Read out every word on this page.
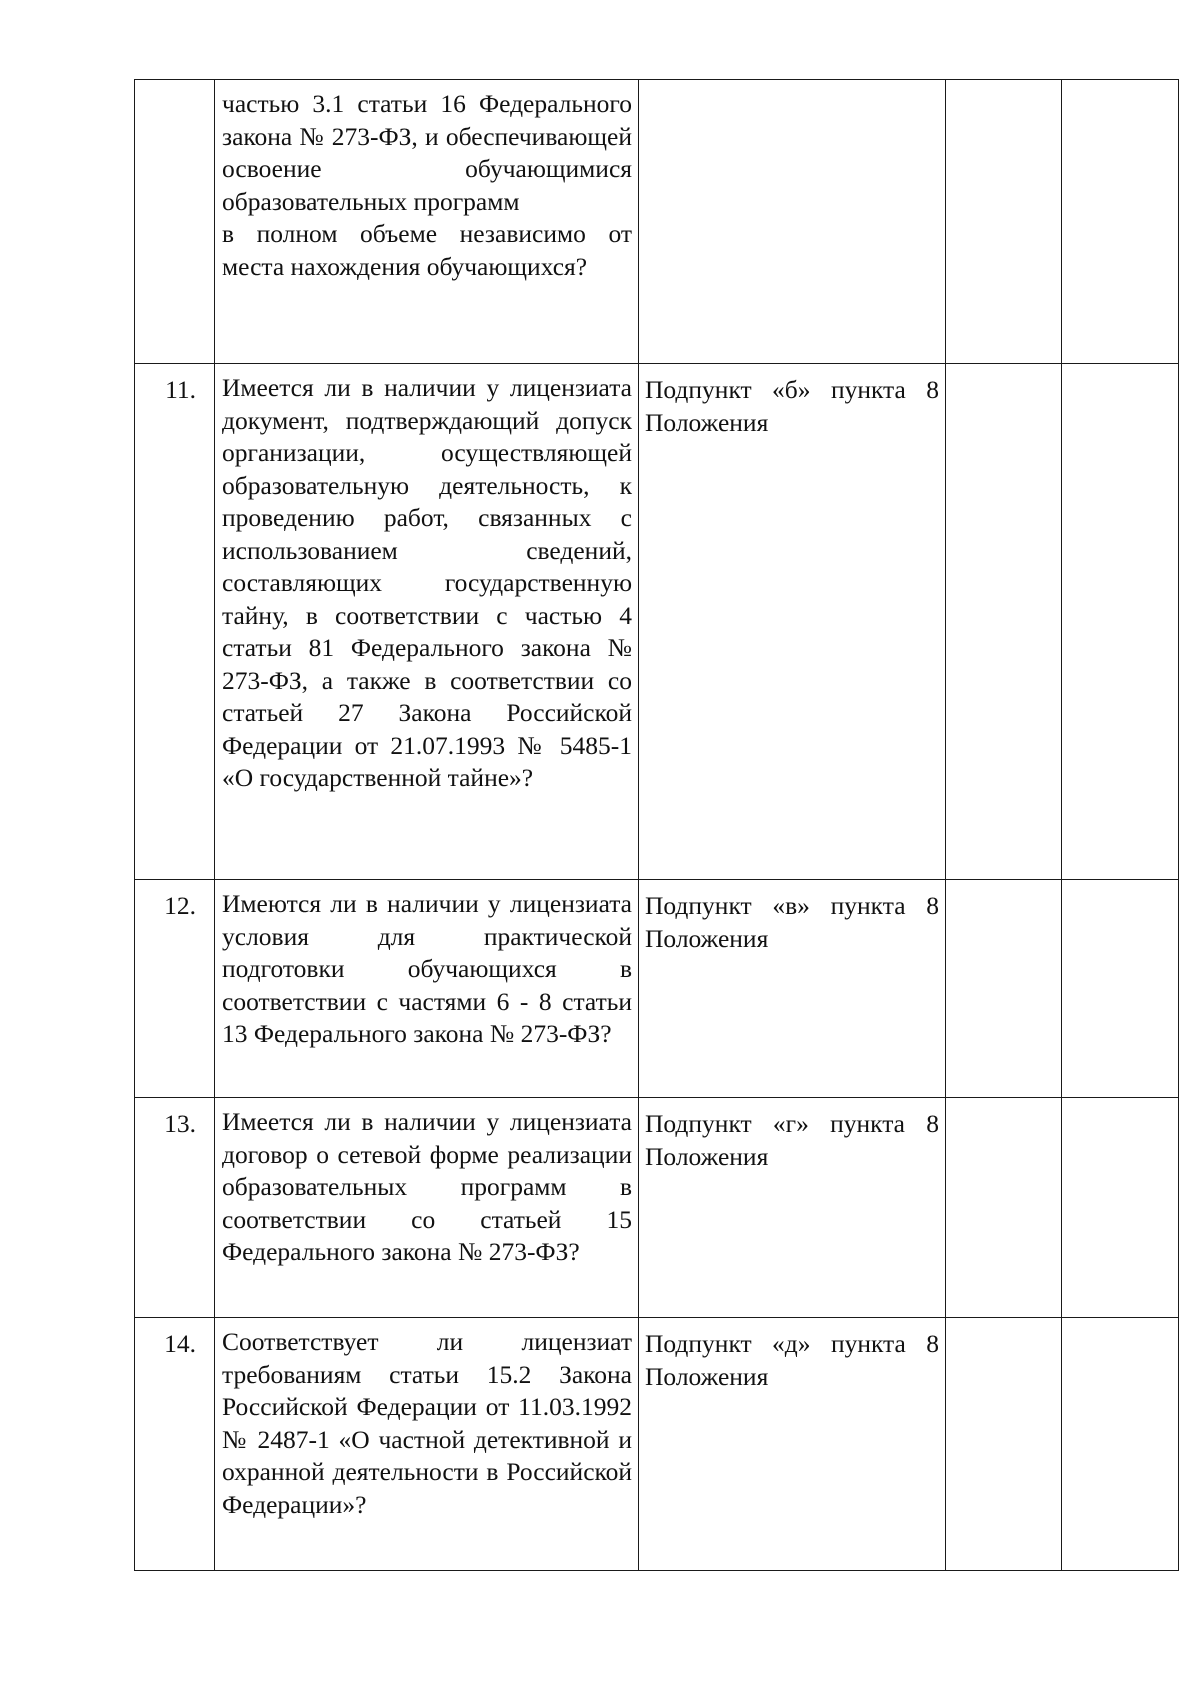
	частью 3.1 статьи 16 Федерального закона № 273-ФЗ, и обеспечивающей освоение обучающимися образовательных программ
в полном объеме независимо от места нахождения обучающихся?			
11.	Имеется ли в наличии у лицензиата документ, подтверждающий допуск организации, осуществляющей образовательную деятельность, к проведению работ, связанных с использованием сведений, составляющих государственную тайну, в соответствии с частью 4 статьи 81 Федерального закона № 273-ФЗ, а также в соответствии со статьей 27 Закона Российской Федерации от 21.07.1993 № 5485-1 «О государственной тайне»?	Подпункт «б» пункта 8 Положения		
12.	Имеются ли в наличии у лицензиата условия для практической подготовки обучающихся в соответствии с частями 6 - 8 статьи 13 Федерального закона № 273-ФЗ?	Подпункт «в» пункта 8 Положения		
13.	Имеется ли в наличии у лицензиата договор о сетевой форме реализации образовательных программ в соответствии со статьей 15 Федерального закона № 273-ФЗ?	Подпункт «г» пункта 8 Положения		
14.	Соответствует ли лицензиат требованиям статьи 15.2 Закона Российской Федерации от 11.03.1992 № 2487-1 «О частной детективной и охранной деятельности в Российской Федерации»?	Подпункт «д» пункта 8 Положения		
